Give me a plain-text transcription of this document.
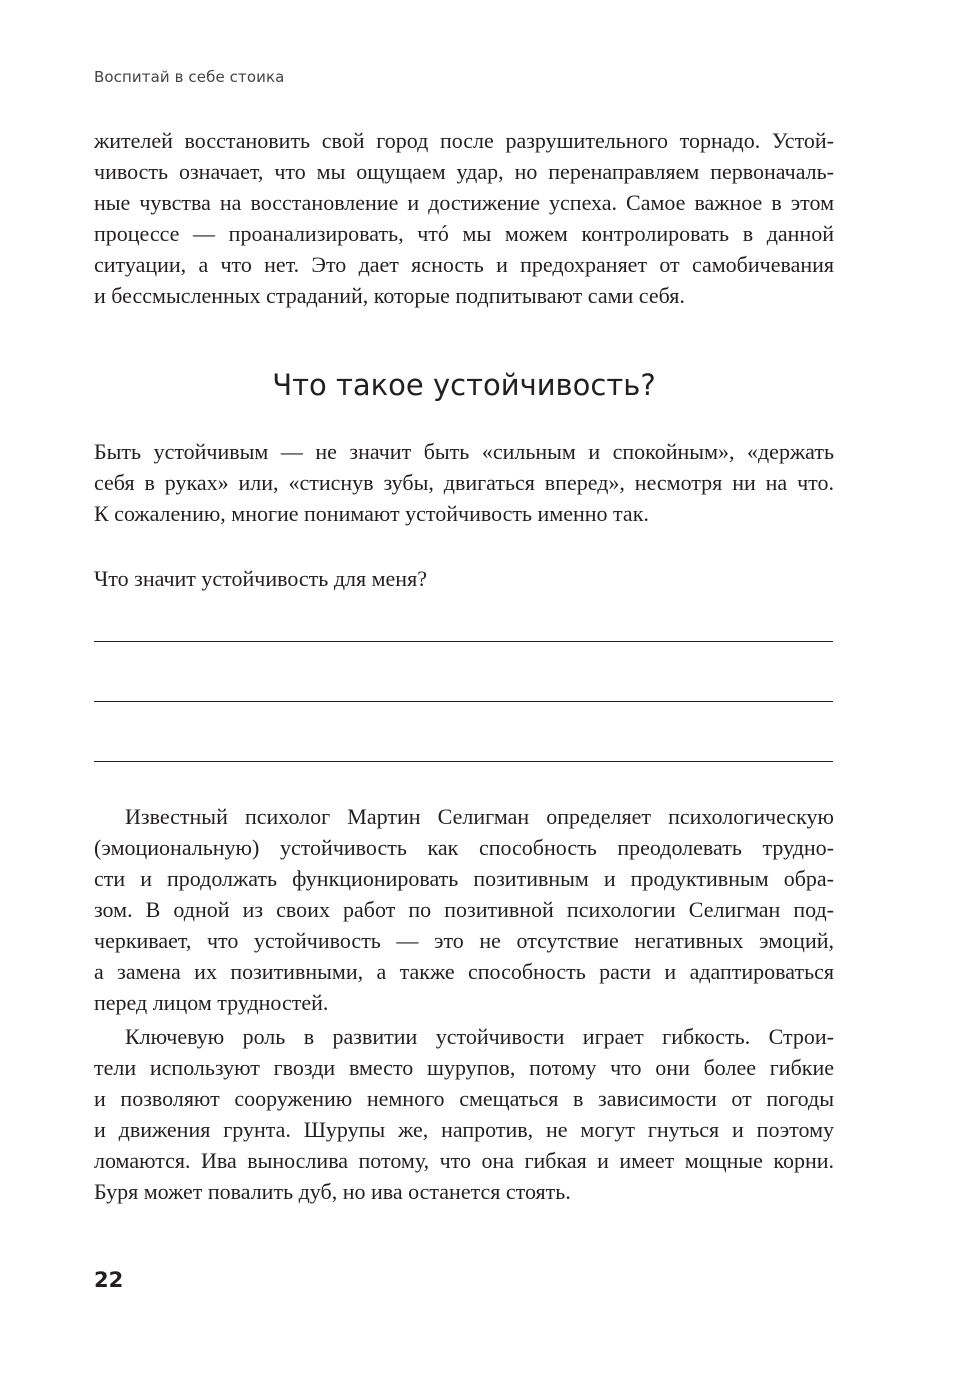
Воспитай в себе стоика
жителей восстановить свой город после разрушительного торнадо. Устой-
чивость означает, что мы ощущаем удар, но перенаправляем первоначаль-
ные чувства на восстановление и достижение успеха. Самое важное в этом
процессе — проанализировать, чтó мы можем контролировать в данной
ситуации, а что нет. Это дает ясность и предохраняет от самобичевания
и бессмысленных страданий, которые подпитывают сами себя.
Что такое устойчивость?
Быть устойчивым — не значит быть «сильным и спокойным», «держать
себя в руках» или, «стиснув зубы, двигаться вперед», несмотря ни на что.
К сожалению, многие понимают устойчивость именно так.
Что значит устойчивость для меня?
Известный психолог Мартин Селигман определяет психологическую
(эмоциональную) устойчивость как способность преодолевать трудно-
сти и продолжать функционировать позитивным и продуктивным обра-
зом. В одной из своих работ по позитивной психологии Селигман под-
черкивает, что устойчивость — это не отсутствие негативных эмоций,
а замена их позитивными, а также способность расти и адаптироваться
перед лицом трудностей.
Ключевую роль в развитии устойчивости играет гибкость. Строи-
тели используют гвозди вместо шурупов, потому что они более гибкие
и позволяют сооружению немного смещаться в зависимости от погоды
и движения грунта. Шурупы же, напротив, не могут гнуться и поэтому
ломаются. Ива вынослива потому, что она гибкая и имеет мощные корни.
Буря может повалить дуб, но ива останется стоять.
22
